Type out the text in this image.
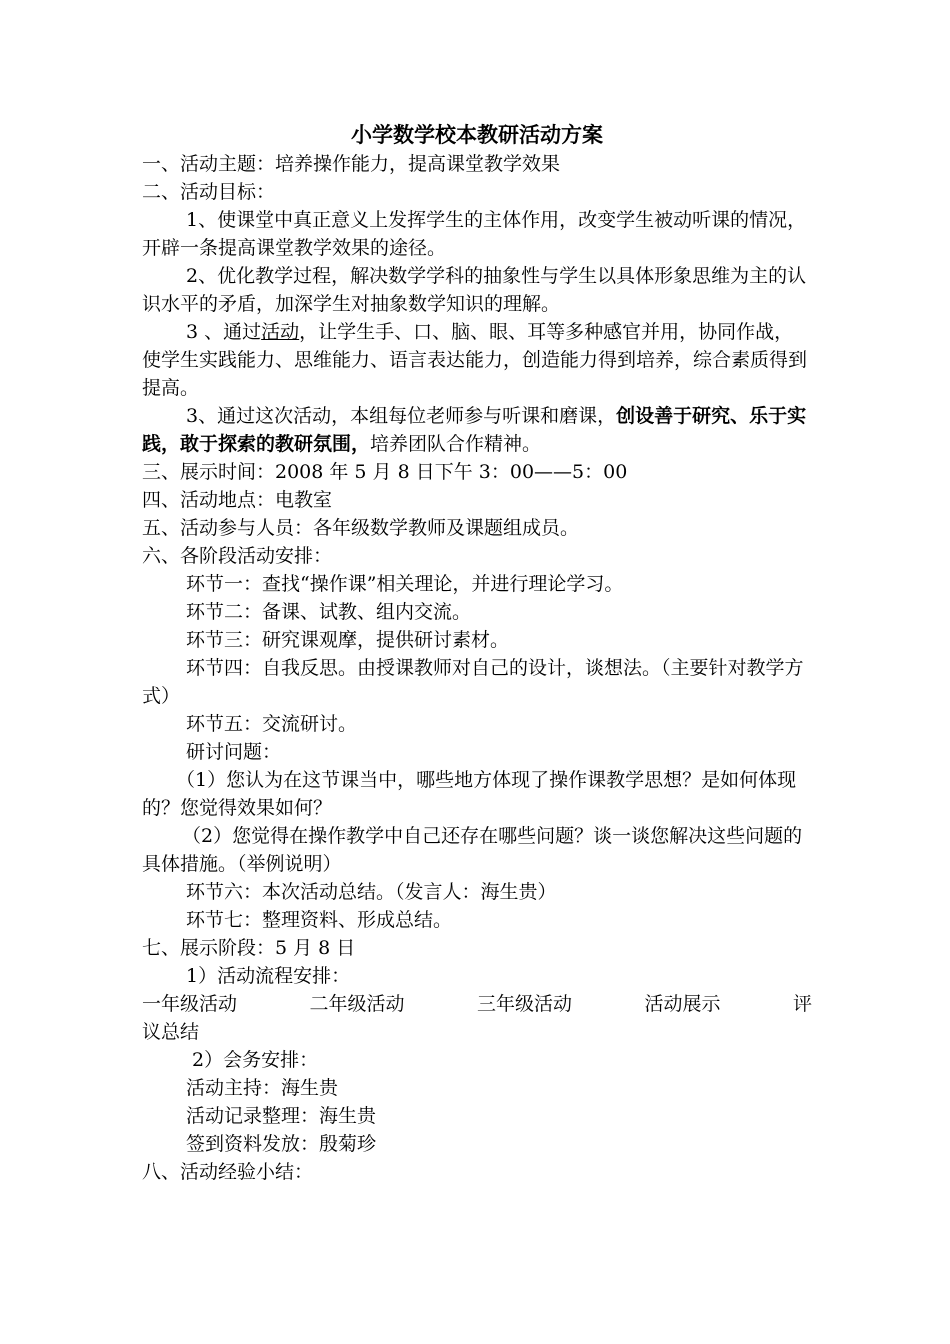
小学数学校本教研活动方案

一、活动主题：培养操作能力，提高课堂教学效果

二、活动目标：

1、使课堂中真正意义上发挥学生的主体作用，改变学生被动听课的情况，开辟一条提高课堂教学效果的途径。

2、优化教学过程，解决数学学科的抽象性与学生以具体形象思维为主的认识水平的矛盾，加深学生对抽象数学知识的理解。

3 、通过活动，让学生手、口、脑、眼、耳等多种感官并用，协同作战，使学生实践能力、思维能力、语言表达能力，创造能力得到培养，综合素质得到提高。

3、通过这次活动，本组每位老师参与听课和磨课，创设善于研究、乐于实践，敢于探索的教研氛围，培养团队合作精神。

三、展示时间：2008 年 5 月 8 日下午 3：00——5：00

四、活动地点：电教室

五、活动参与人员：各年级数学教师及课题组成员。

六、各阶段活动安排：

环节一：查找“操作课”相关理论，并进行理论学习。

环节二：备课、试教、组内交流。

环节三：研究课观摩，提供研讨素材。

环节四：自我反思。由授课教师对自己的设计，谈想法。（主要针对教学方式）

环节五：交流研讨。

研讨问题：

（1）您认为在这节课当中，哪些地方体现了操作课教学思想？是如何体现的？您觉得效果如何？

（2）您觉得在操作教学中自己还存在哪些问题？谈一谈您解决这些问题的具体措施。（举例说明）

环节六：本次活动总结。（发言人：海生贵）

环节七：整理资料、形成总结。

七、展示阶段：5 月 8 日

1）活动流程安排：

一年级活动	二年级活动	三年级活动	活动展示	评

议总结

2）会务安排：

活动主持：海生贵

活动记录整理：海生贵

签到资料发放：殷菊珍

八、活动经验小结：
